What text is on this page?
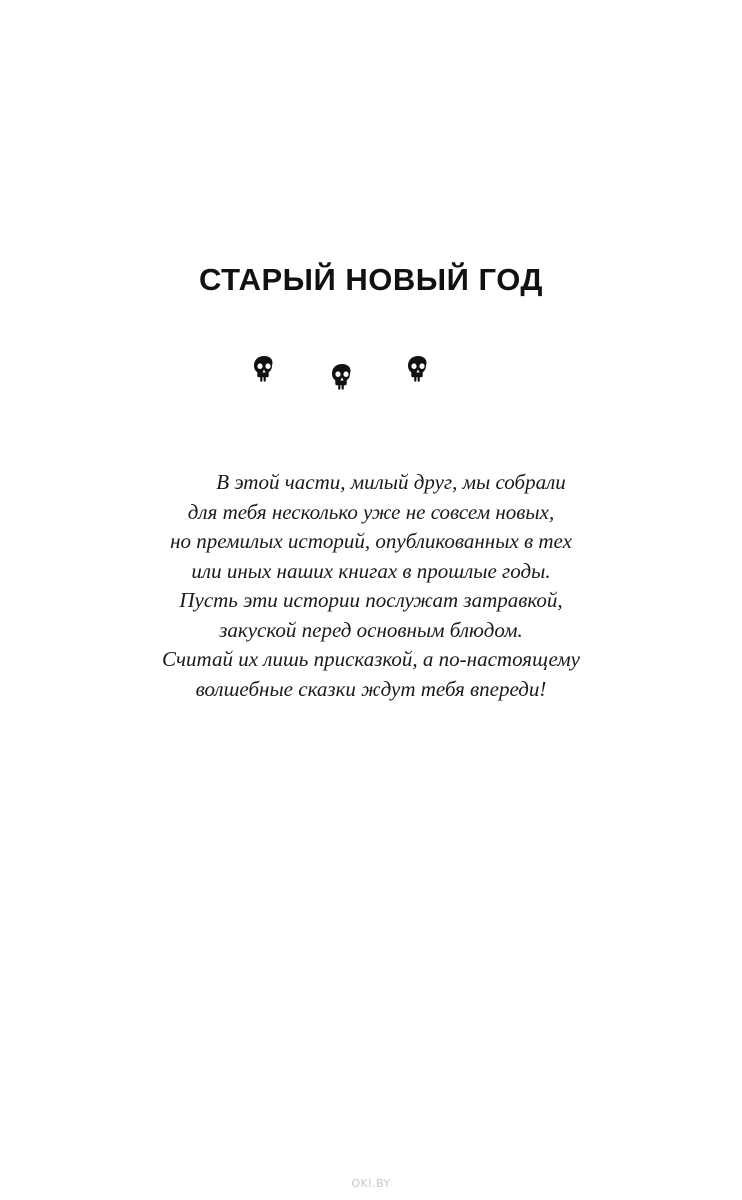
СТАРЫЙ НОВЫЙ ГОД
В этой части, милый друг, мы собрали
для тебя несколько уже не совсем новых,
но премилых историй, опубликованных в тех
или иных наших книгах в прошлые годы.
Пусть эти истории послужат затравкой,
закуской перед основным блюдом.
Считай их лишь присказкой, а по-настоящему
волшебные сказки ждут тебя впереди!
OKI.BY
